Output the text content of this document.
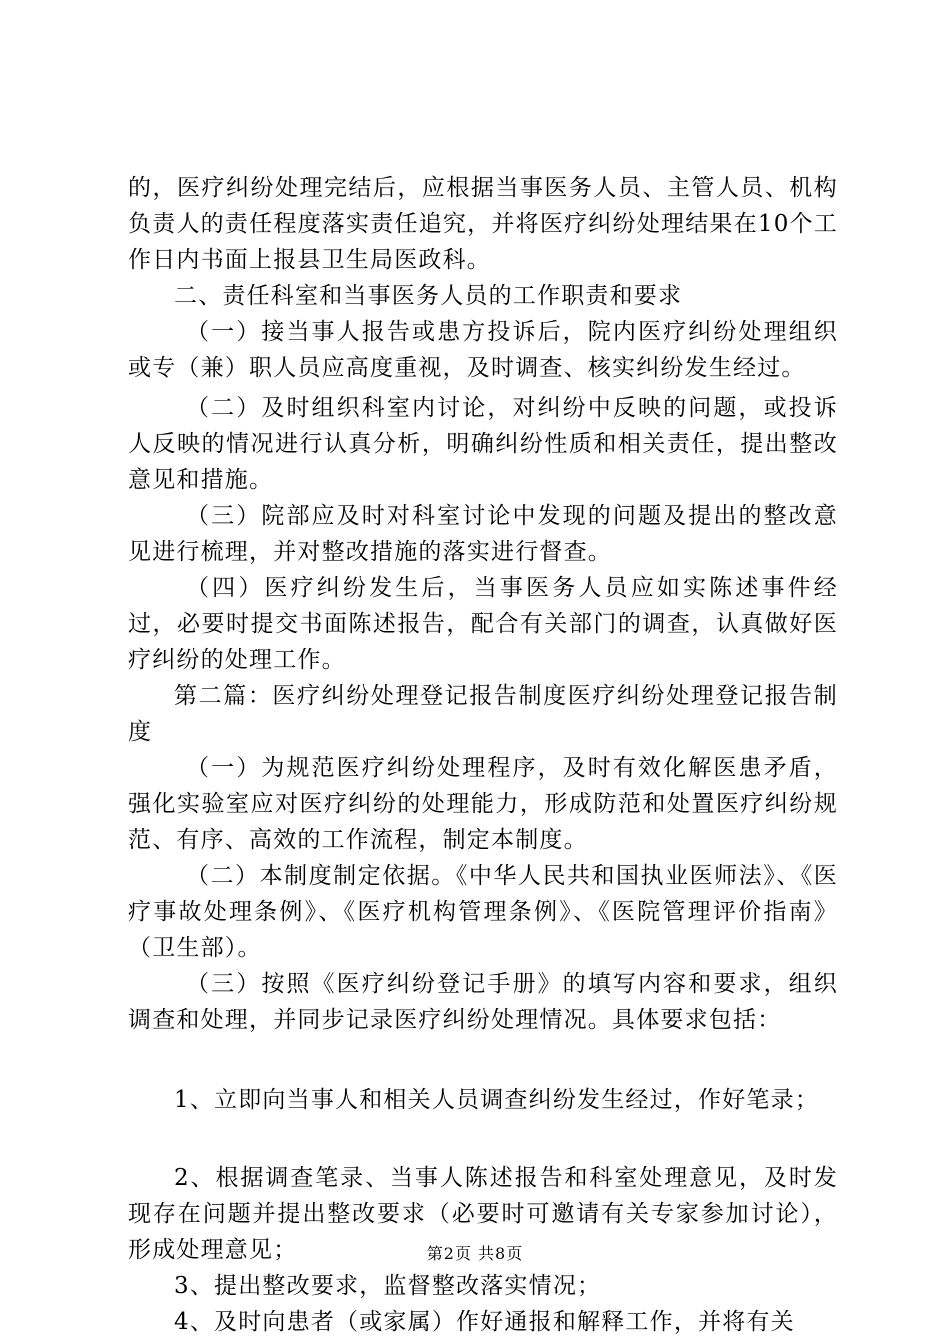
的，医疗纠纷处理完结后，应根据当事医务人员、主管人员、机构负责人的责任程度落实责任追究，并将医疗纠纷处理结果在10个工作日内书面上报县卫生局医政科。

二、责任科室和当事医务人员的工作职责和要求

（一）接当事人报告或患方投诉后，院内医疗纠纷处理组织或专（兼）职人员应高度重视，及时调查、核实纠纷发生经过。

（二）及时组织科室内讨论，对纠纷中反映的问题，或投诉人反映的情况进行认真分析，明确纠纷性质和相关责任，提出整改意见和措施。

（三）院部应及时对科室讨论中发现的问题及提出的整改意见进行梳理，并对整改措施的落实进行督查。

（四）医疗纠纷发生后，当事医务人员应如实陈述事件经过，必要时提交书面陈述报告，配合有关部门的调查，认真做好医疗纠纷的处理工作。

第二篇：医疗纠纷处理登记报告制度医疗纠纷处理登记报告制度

（一）为规范医疗纠纷处理程序，及时有效化解医患矛盾，强化实验室应对医疗纠纷的处理能力，形成防范和处置医疗纠纷规范、有序、高效的工作流程，制定本制度。

（二）本制度制定依据。《中华人民共和国执业医师法》、《医疗事故处理条例》、《医疗机构管理条例》、《医院管理评价指南》（卫生部）。

（三）按照《医疗纠纷登记手册》的填写内容和要求，组织调查和处理，并同步记录医疗纠纷处理情况。具体要求包括：

1、立即向当事人和相关人员调查纠纷发生经过，作好笔录；

2、根据调查笔录、当事人陈述报告和科室处理意见，及时发现存在问题并提出整改要求（必要时可邀请有关专家参加讨论），形成处理意见；

3、提出整改要求，监督整改落实情况；

4、及时向患者（或家属）作好通报和解释工作，并将有关

第2页 共8页
